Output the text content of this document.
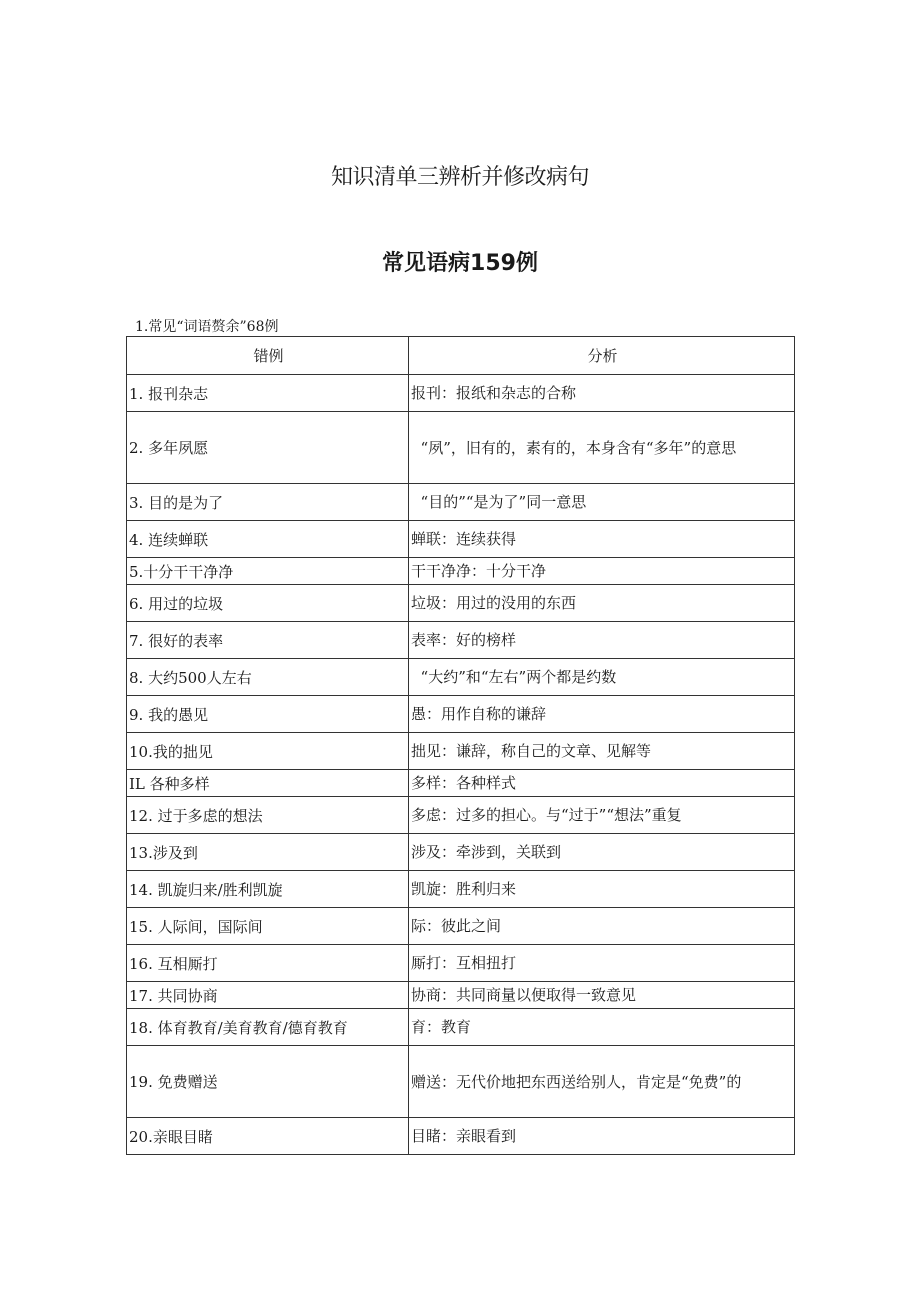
知识清单三辨析并修改病句
常见语病159例
1.常见“词语赘余”68例
错例	分析
1. 报刊杂志	报刊：报纸和杂志的合称
2. 多年夙愿	“夙”，旧有的，素有的，本身含有“多年”的意思
3. 目的是为了	“目的”“是为了”同一意思
4. 连续蝉联	蝉联：连续获得
5.十分干干净净	干干净净：十分干净
6. 用过的垃圾	垃圾：用过的没用的东西
7. 很好的表率	表率：好的榜样
8. 大约500人左右	“大约”和“左右”两个都是约数
9. 我的愚见	愚：用作自称的谦辞
10.我的拙见	拙见：谦辞，称自己的文章、见解等
IL 各种多样	多样：各种样式
12. 过于多虑的想法	多虑：过多的担心。与“过于”“想法”重复
13.涉及到	涉及：牵涉到，关联到
14. 凯旋归来/胜利凯旋	凯旋：胜利归来
15. 人际间，国际间	际：彼此之间
16. 互相厮打	厮打：互相扭打
17. 共同协商	协商：共同商量以便取得一致意见
18. 体育教育/美育教育/德育教育	育：教育
19. 免费赠送	赠送：无代价地把东西送给别人，肯定是“免费”的
20.亲眼目睹	目睹：亲眼看到
